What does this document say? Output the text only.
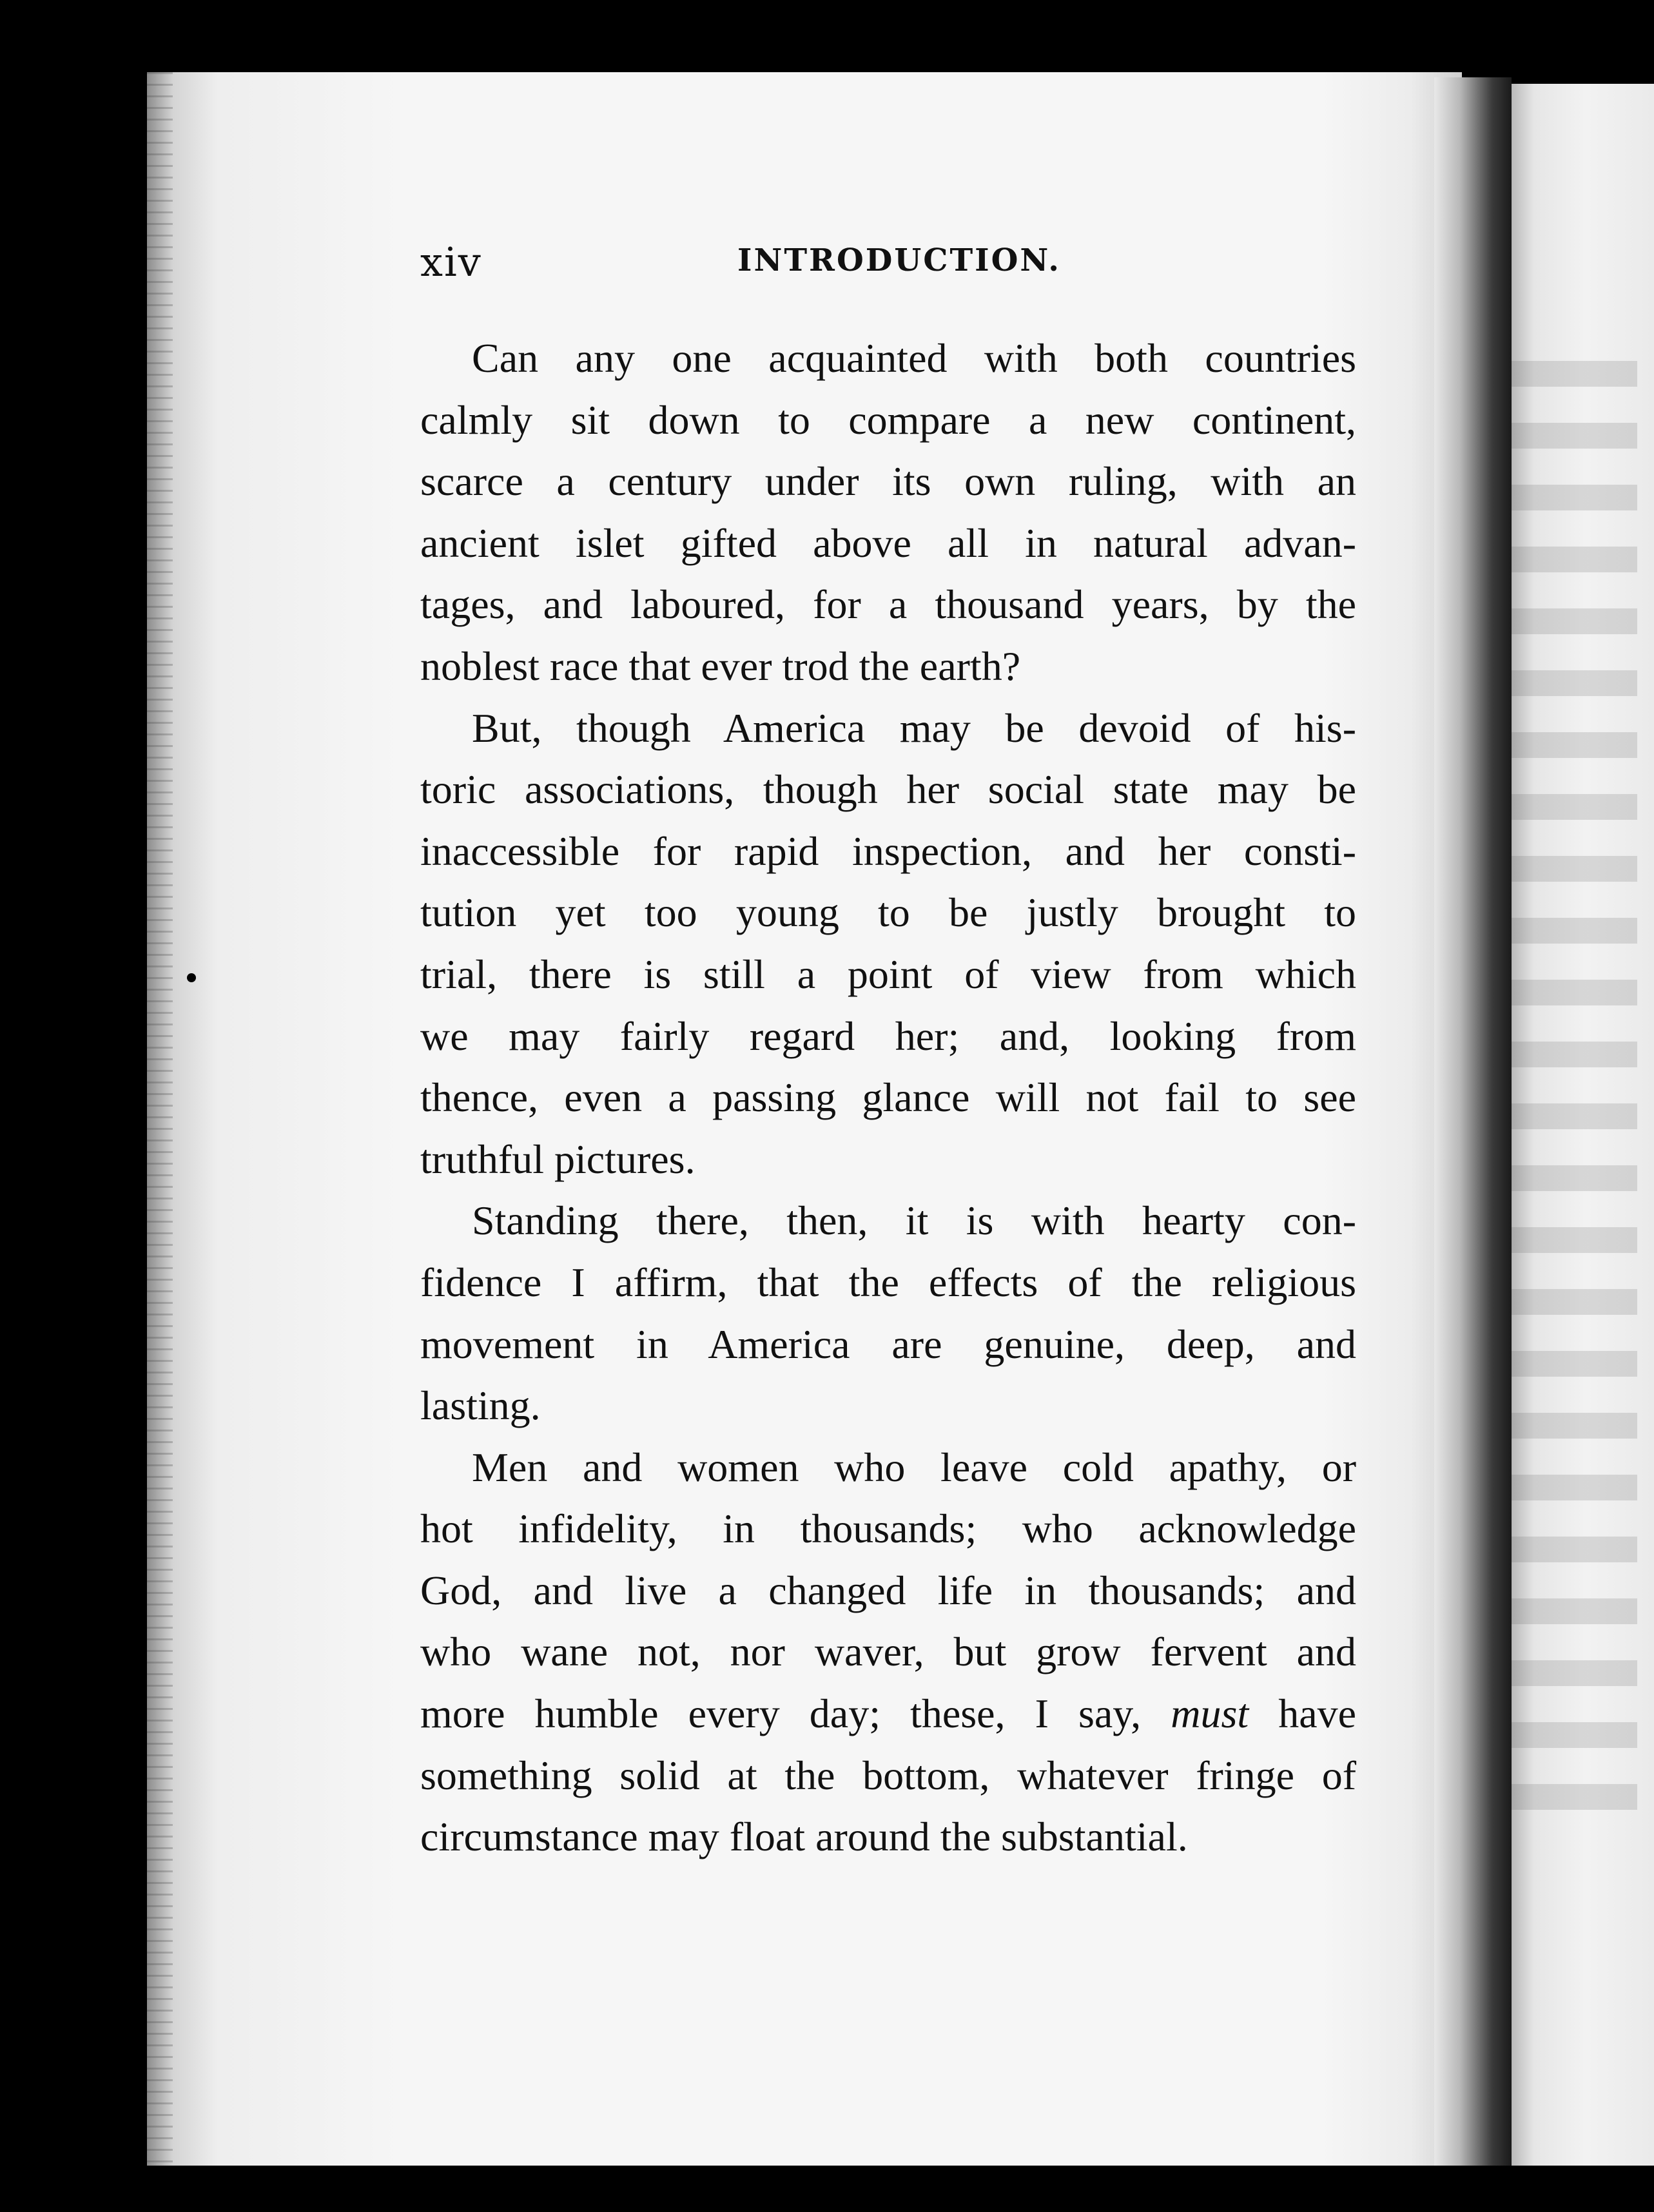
xiv	INTRODUCTION.
Can any one acquainted with both countries
calmly sit down to compare a new continent,
scarce a century under its own ruling, with an
ancient islet gifted above all in natural advan-
tages, and laboured, for a thousand years, by the
noblest race that ever trod the earth?
But, though America may be devoid of his-
toric associations, though her social state may be
inaccessible for rapid inspection, and her consti-
tution yet too young to be justly brought to
trial, there is still a point of view from which
we may fairly regard her; and, looking from
thence, even a passing glance will not fail to see
truthful pictures.
Standing there, then, it is with hearty con-
fidence I affirm, that the effects of the religious
movement in America are genuine, deep, and
lasting.
Men and women who leave cold apathy, or
hot infidelity, in thousands; who acknowledge
God, and live a changed life in thousands; and
who wane not, nor waver, but grow fervent and
more humble every day; these, I say, must have
something solid at the bottom, whatever fringe of
circumstance may float around the substantial.
